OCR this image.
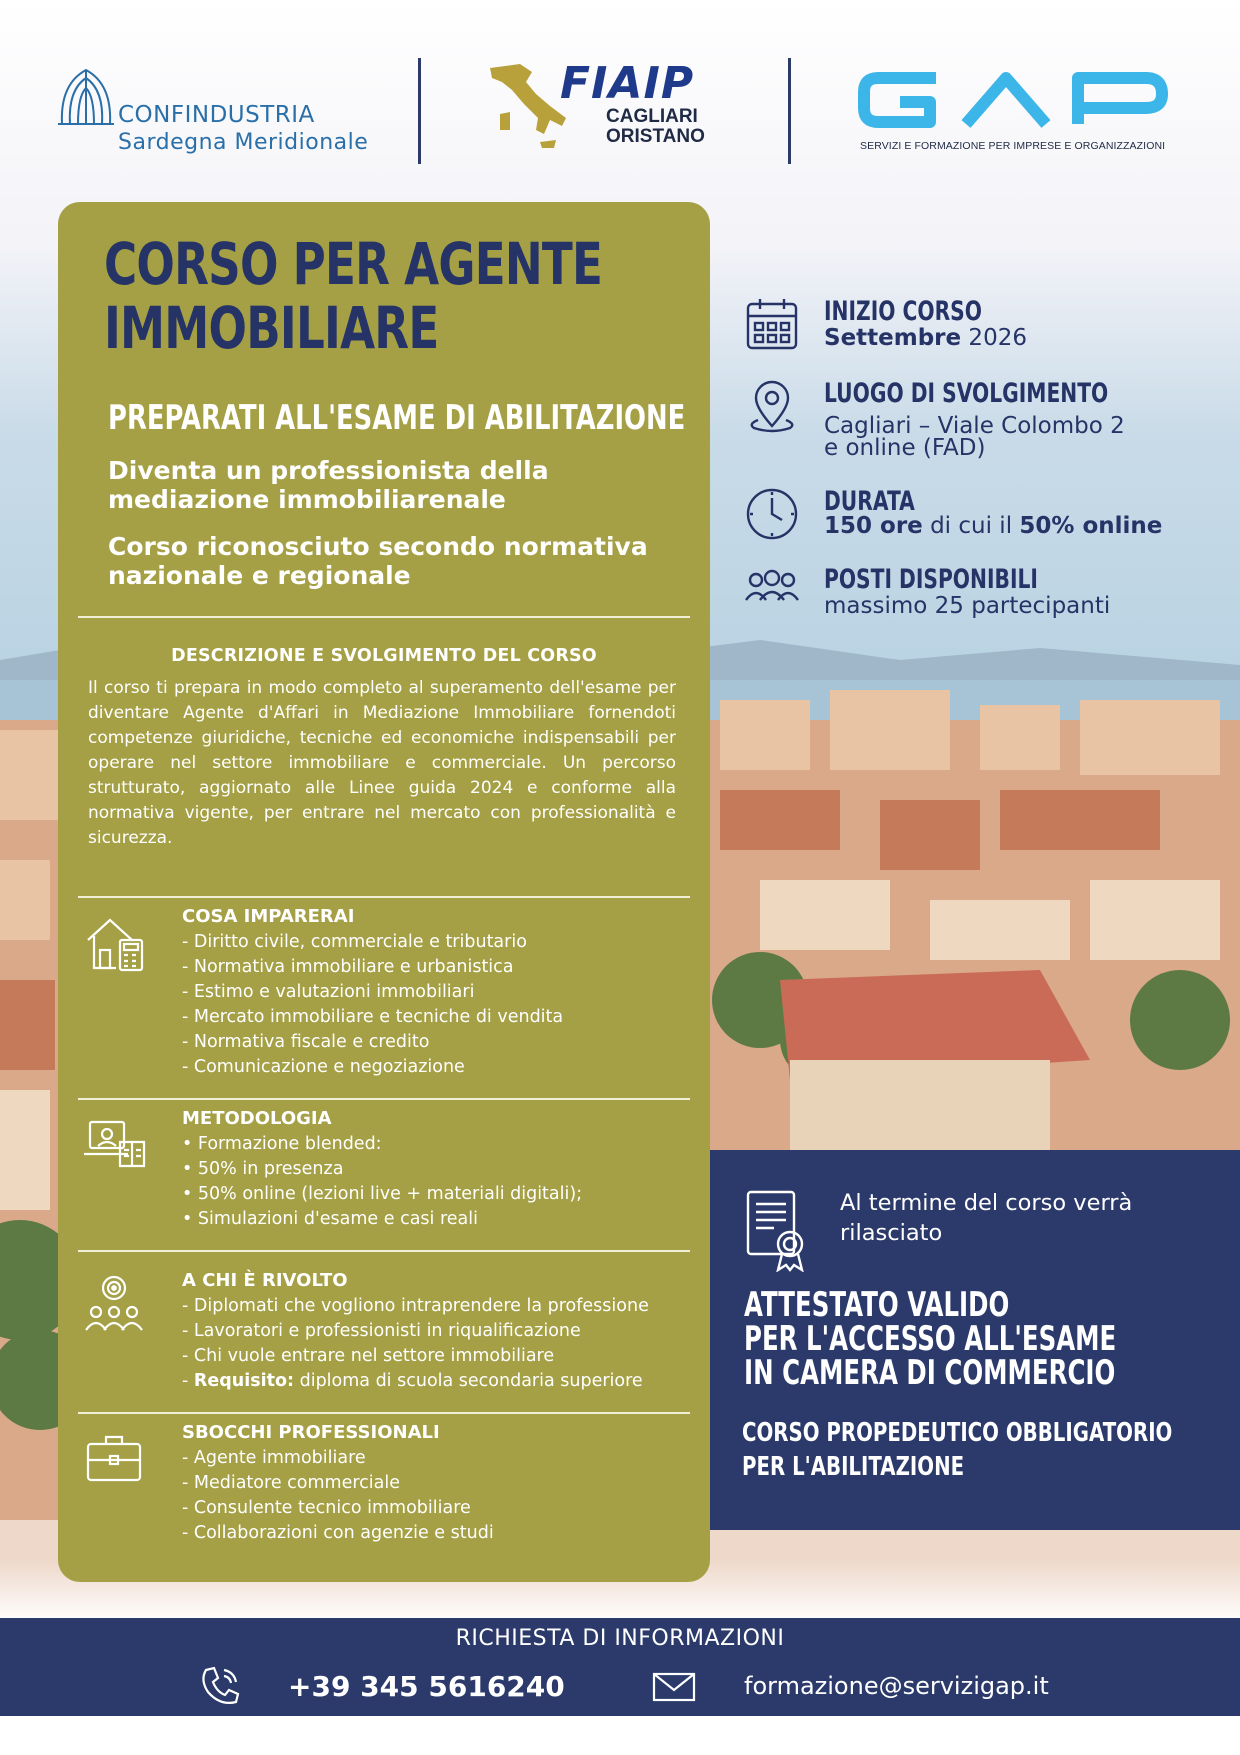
CONFINDUSTRIA
Sardegna Meridionale
FIAIP
CAGLIARI
ORISTANO	SERVIZI E FORMAZIONE PER IMPRESE E ORGANIZZAZIONI
CORSO PER AGENTE
IMMOBILIARE
PREPARATI ALL'ESAME DI ABILITAZIONE
Diventa un professionista della mediazione immobiliarenale
Corso riconosciuto secondo normativa nazionale e regionale
DESCRIZIONE E SVOLGIMENTO DEL CORSO
Il corso ti prepara in modo completo al superamento dell'esame per diventare Agente d'Affari in Mediazione Immobiliare fornendoti competenze giuridiche, tecniche ed economiche indispensabili per operare nel settore immobiliare e commerciale. Un percorso strutturato, aggiornato alle Linee guida 2024 e conforme alla normativa vigente, per entrare nel mercato con professionalità e sicurezza.
COSA IMPARERAI
- Diritto civile, commerciale e tributario
- Normativa immobiliare e urbanistica
- Estimo e valutazioni immobiliari
- Mercato immobiliare e tecniche di vendita
- Normativa fiscale e credito
- Comunicazione e negoziazione
METODOLOGIA
• Formazione blended:
• 50% in presenza
• 50% online (lezioni live + materiali digitali);
• Simulazioni d'esame e casi reali
A CHI È RIVOLTO
- Diplomati che vogliono intraprendere la professione
- Lavoratori e professionisti in riqualificazione
- Chi vuole entrare nel settore immobiliare
- Requisito: diploma di scuola secondaria superiore
SBOCCHI PROFESSIONALI
- Agente immobiliare
- Mediatore commerciale
- Consulente tecnico immobiliare
- Collaborazioni con agenzie e studi
INIZIO CORSO
Settembre 2026
LUOGO DI SVOLGIMENTO
Cagliari – Viale Colombo 2
e online (FAD)
DURATA
150 ore di cui il 50% online
POSTI DISPONIBILI
massimo 25 partecipanti
Al termine del corso verrà rilasciato
ATTESTATO VALIDO
PER L'ACCESSO ALL'ESAME
IN CAMERA DI COMMERCIO
CORSO PROPEDEUTICO OBBLIGATORIO
PER L'ABILITAZIONE
RICHIESTA DI INFORMAZIONI
+39 345 5616240	formazione@servizigap.it
